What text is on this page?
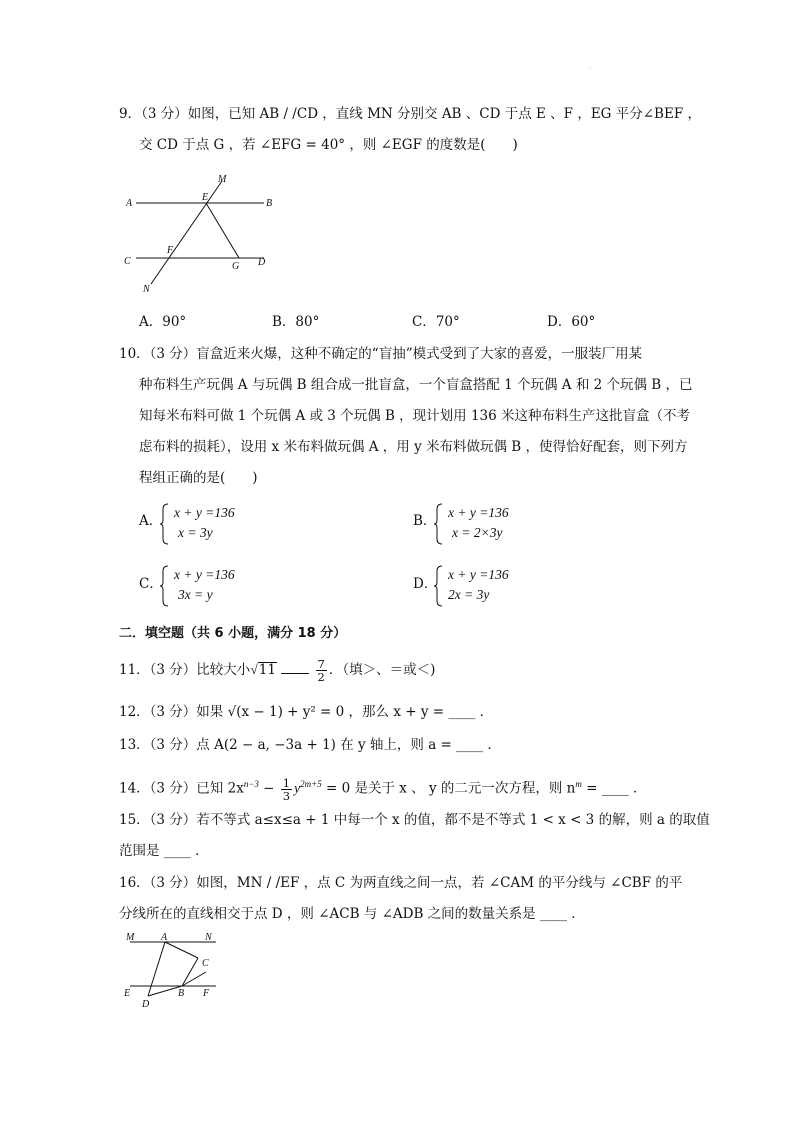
·
9．（3 分）如图，已知 AB / /CD ，直线 MN 分别交 AB 、CD 于点 E 、F ，EG 平分∠BEF ，
交 CD 于点 G ，若 ∠EFG = 40° ，则 ∠EGF 的度数是(　　)
M
A
E
B
F
C	G D
N
A．90°	B．80°	C．70°	D．60°
10．（3 分）盲盒近来火爆，这种不确定的“盲抽”模式受到了大家的喜爱，一服装厂用某
种布料生产玩偶 A 与玩偶 B 组合成一批盲盒，一个盲盒搭配 1 个玩偶 A 和 2 个玩偶 B ，已
知每米布料可做 1 个玩偶 A 或 3 个玩偶 B ，现计划用 136 米这种布料生产这批盲盒（不考
虑布料的损耗），设用 x 米布料做玩偶 A ，用 y 米布料做玩偶 B ，使得恰好配套，则下列方
程组正确的是(　　)
A．
x + y =136
x = 3y
B．
x + y =136
x = 2×3y
C．
x + y =136
3x = y
D．
x + y =136
2x = 3y
二．填空题（共 6 小题，满分 18 分）
11．（3 分）比较大小√11	$\frac{7}{2}$ ．（填＞、＝或＜)
12．（3 分）如果 √(x − 1) + y² = 0 ，那么 x + y = ____ ．
13．（3 分）点 A(2 − a, −3a + 1) 在 y 轴上，则 a = ____ ．
14．（3 分）已知 $2x^{n-3} - \frac{1}{3} y^{2m+5} = 0$ 是关于 x 、 y 的二元一次方程，则 $n^m$ = ____ ．
15．（3 分）若不等式 a≤x≤a + 1 中每一个 x 的值，都不是不等式 1 < x < 3 的解，则 a 的取值
范围是 ____ ．
16．（3 分）如图，MN / /EF ，点 C 为两直线之间一点，若 ∠CAM 的平分线与 ∠CBF 的平
分线所在的直线相交于点 D ，则 ∠ACB 与 ∠ADB 之间的数量关系是 ____ ．
M	A	N
C
E	B F
D
